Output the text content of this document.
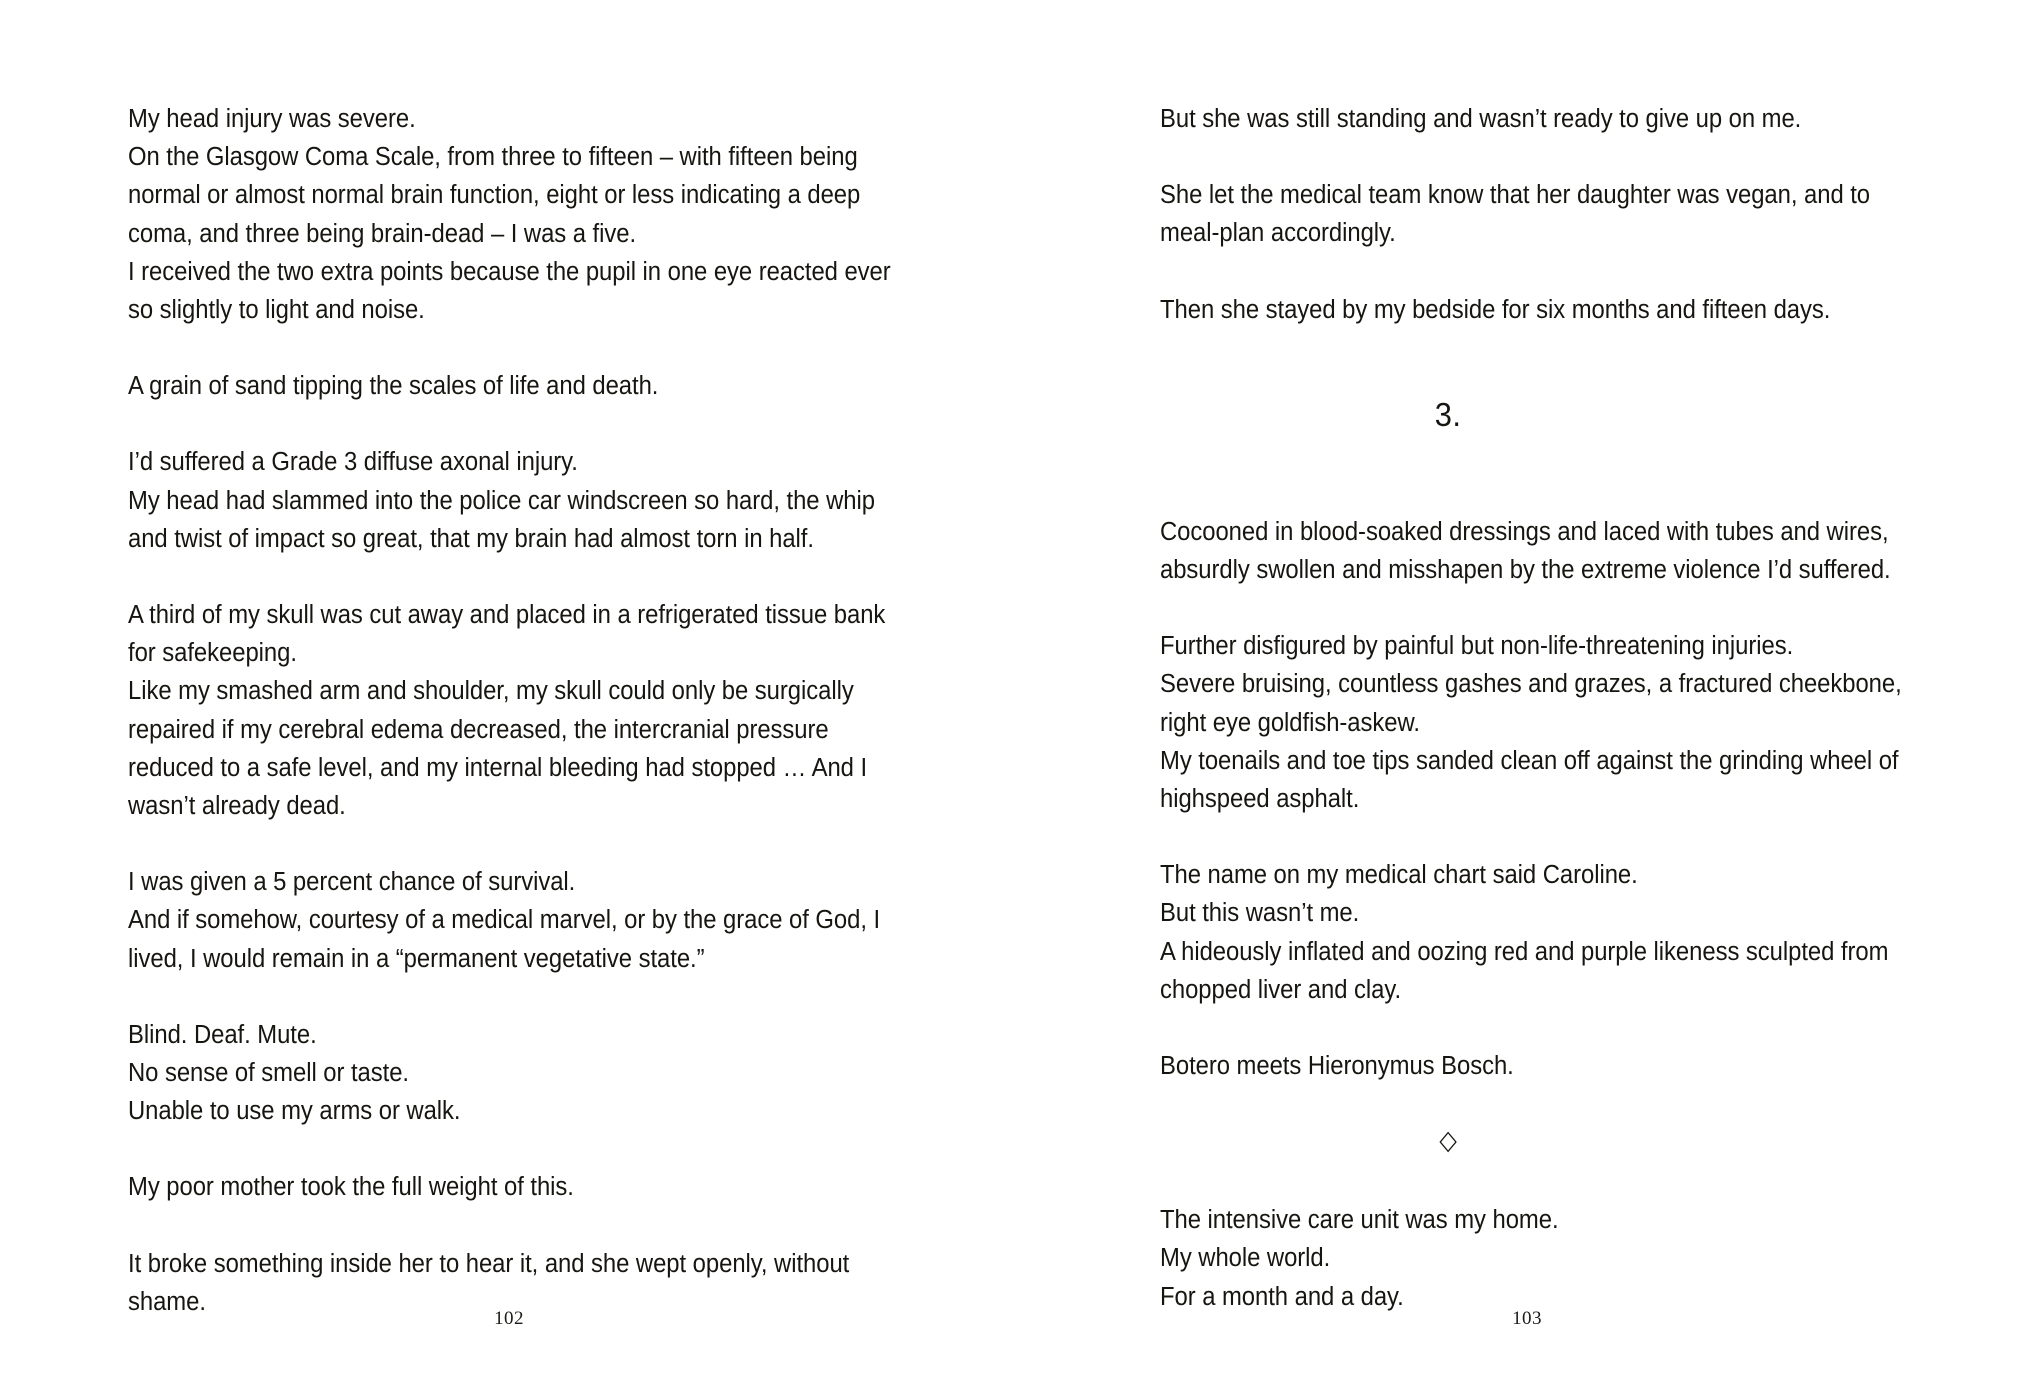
My head injury was severe.
On the Glasgow Coma Scale, from three to fifteen – with fifteen being
normal or almost normal brain function, eight or less indicating a deep
coma, and three being brain-dead – I was a five.
I received the two extra points because the pupil in one eye reacted ever
so slightly to light and noise.
A grain of sand tipping the scales of life and death.
I’d suffered a Grade 3 diffuse axonal injury.
My head had slammed into the police car windscreen so hard, the whip
and twist of impact so great, that my brain had almost torn in half.
A third of my skull was cut away and placed in a refrigerated tissue bank
for safekeeping.
Like my smashed arm and shoulder, my skull could only be surgically
repaired if my cerebral edema decreased, the intercranial pressure
reduced to a safe level, and my internal bleeding had stopped … And I
wasn’t already dead.
I was given a 5 percent chance of survival.
And if somehow, courtesy of a medical marvel, or by the grace of God, I
lived, I would remain in a “permanent vegetative state.”
Blind. Deaf. Mute.
No sense of smell or taste.
Unable to use my arms or walk.
My poor mother took the full weight of this.
It broke something inside her to hear it, and she wept openly, without
shame.
102
But she was still standing and wasn’t ready to give up on me.
She let the medical team know that her daughter was vegan, and to
meal-plan accordingly.
Then she stayed by my bedside for six months and fifteen days.
3.
Cocooned in blood-soaked dressings and laced with tubes and wires,
absurdly swollen and misshapen by the extreme violence I’d suffered.
Further disfigured by painful but non-life-threatening injuries.
Severe bruising, countless gashes and grazes, a fractured cheekbone,
right eye goldfish-askew.
My toenails and toe tips sanded clean off against the grinding wheel of
highspeed asphalt.
The name on my medical chart said Caroline.
But this wasn’t me.
A hideously inflated and oozing red and purple likeness sculpted from
chopped liver and clay.
Botero meets Hieronymus Bosch.
◇
The intensive care unit was my home.
My whole world.
For a month and a day.
103
